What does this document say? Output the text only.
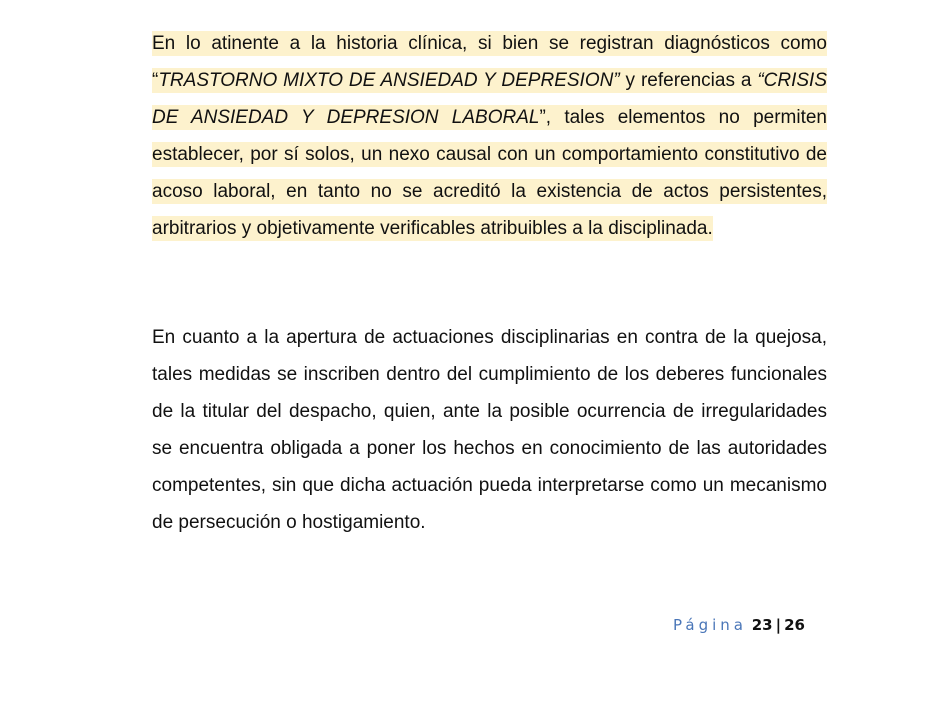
En lo atinente a la historia clínica, si bien se registran diagnósticos como “TRASTORNO MIXTO DE ANSIEDAD Y DEPRESION” y referencias a “CRISIS DE ANSIEDAD Y DEPRESION LABORAL”, tales elementos no permiten establecer, por sí solos, un nexo causal con un comportamiento constitutivo de acoso laboral, en tanto no se acreditó la existencia de actos persistentes, arbitrarios y objetivamente verificables atribuibles a la disciplinada.

En cuanto a la apertura de actuaciones disciplinarias en contra de la quejosa, tales medidas se inscriben dentro del cumplimiento de los deberes funcionales de la titular del despacho, quien, ante la posible ocurrencia de irregularidades se encuentra obligada a poner los hechos en conocimiento de las autoridades competentes, sin que dicha actuación pueda interpretarse como un mecanismo de persecución o hostigamiento.

Página 23 | 26
